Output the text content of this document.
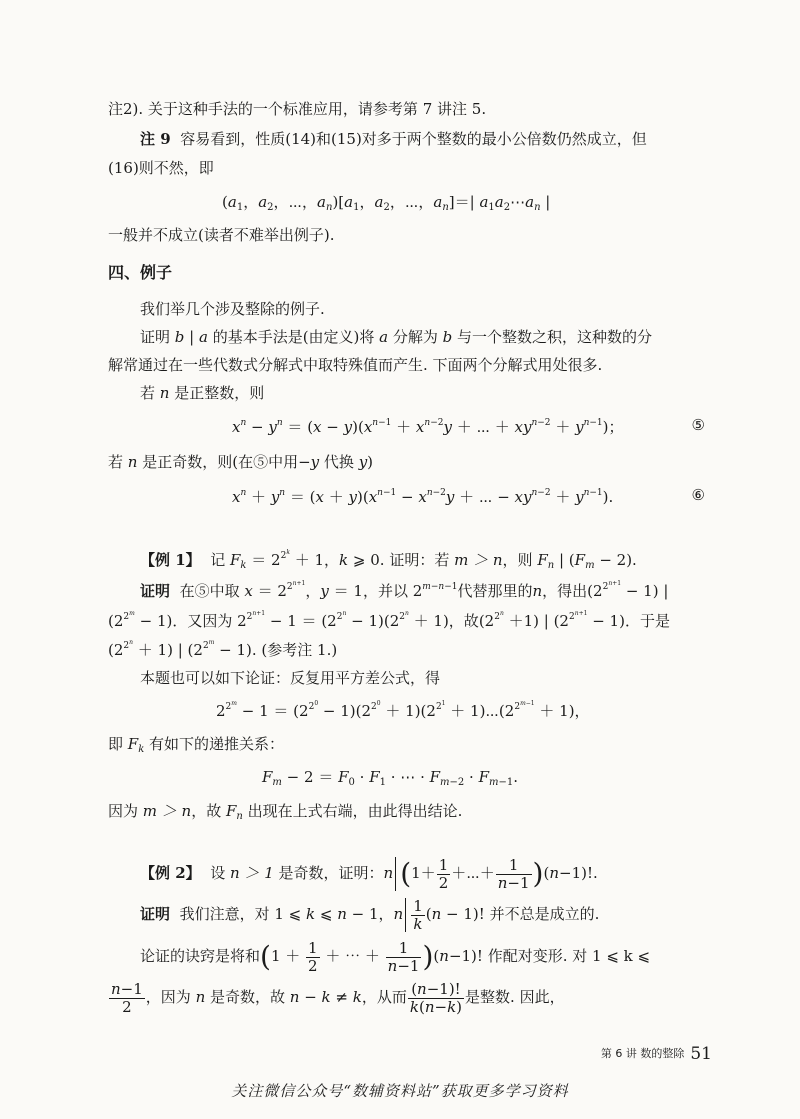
注2). 关于这种手法的一个标准应用，请参考第 7 讲注 5.
注 9 容易看到，性质(14)和(15)对多于两个整数的最小公倍数仍然成立，但
(16)则不然，即
($a_1$，$a_2$，⋯，$a_n)[a_1$，$a_2$，⋯，$a_n]=|$ $a_1a_2\cdots a_n$ |
一般并不成立(读者不难举出例子).
四、例子
我们举几个涉及整除的例子.
证明 b | a 的基本手法是(由定义)将 a 分解为 b 与一个整数之积，这种数的分
解常通过在一些代数式分解式中取特殊值而产生. 下面两个分解式用处很多.
若 n 是正整数，则
$x^n - y^n = (x - y)(x^{n-1} + x^{n-2}y$ ＋ ⋯ ＋ $xy^{n-2} + y^{n-1}$)；	⑤
若 n 是正奇数，则(在⑤中用−y 代换 y)
$x^n + y^n = (x + y)(x^{n-1} - x^{n-2}y$ ＋ ⋯ − $xy^{n-2} + y^{n-1}$).	⑥
【例 1】 记 $F_k = 2^{2^k} + 1$，k ⩾ 0. 证明：若 m ＞ n，则 $F_n$ | $(F_m - 2)$.
证明 在⑤中取 $x = 2^{2^{n+1}}$，y ＝ 1，并以 $2^{m-n-1}$代替那里的n，得出$(2^{2^{n+1}} - 1)$ |
$(2^{2^m} - 1)$．又因为 $2^{2^{n+1}} - 1 = (2^{2^n} - 1)(2^{2^n} + 1)$，故$(2^{2^n} +1)$ | $(2^{2^{n+1}} - 1)$．于是
$(2^{2^n} + 1)$ | $(2^{2^m} - 1)$. (参考注 1.)
本题也可以如下论证：反复用平方差公式，得
$2^{2^m} - 1 = (2^{2^0} - 1)(2^{2^0} + 1)(2^{2^1}$ ＋ $1)\cdots(2^{2^{m-1}} + 1)$，
即 $F_k$ 有如下的递推关系：
$F_m - 2 = F_0 \cdot F_1$ · ⋯ · $F_{m-2} \cdot F_{m-1}$.
因为 m ＞ n，故 $F_n$ 出现在上式右端，由此得出结论.
【例 2】 设 n ＞ 1 是奇数，证明：n ($1+ \frac{1}{2}$ ＋⋯＋ $\frac{1}{n-1} )(n-1)$!.
证明 我们注意，对 1 ⩽ k ⩽ n − 1，n $\frac{1}{k} (n - 1)$! 并不总是成立的.
论证的诀窍是将和($1 + \frac{1}{2}$ ＋ ⋯ ＋ $\frac{1}{n-1} )(n-1)$! 作配对变形. 对 1 ⩽ k ⩽
$\frac{n-1}{2}$ ，因为 n 是奇数，故 n − k ≠ k，从而 $\frac{(n-1)!}{k(n-k)}$ 是整数. 因此，
第 6 讲 数的整除 51
关注微信公众号“数辅资料站”获取更多学习资料
